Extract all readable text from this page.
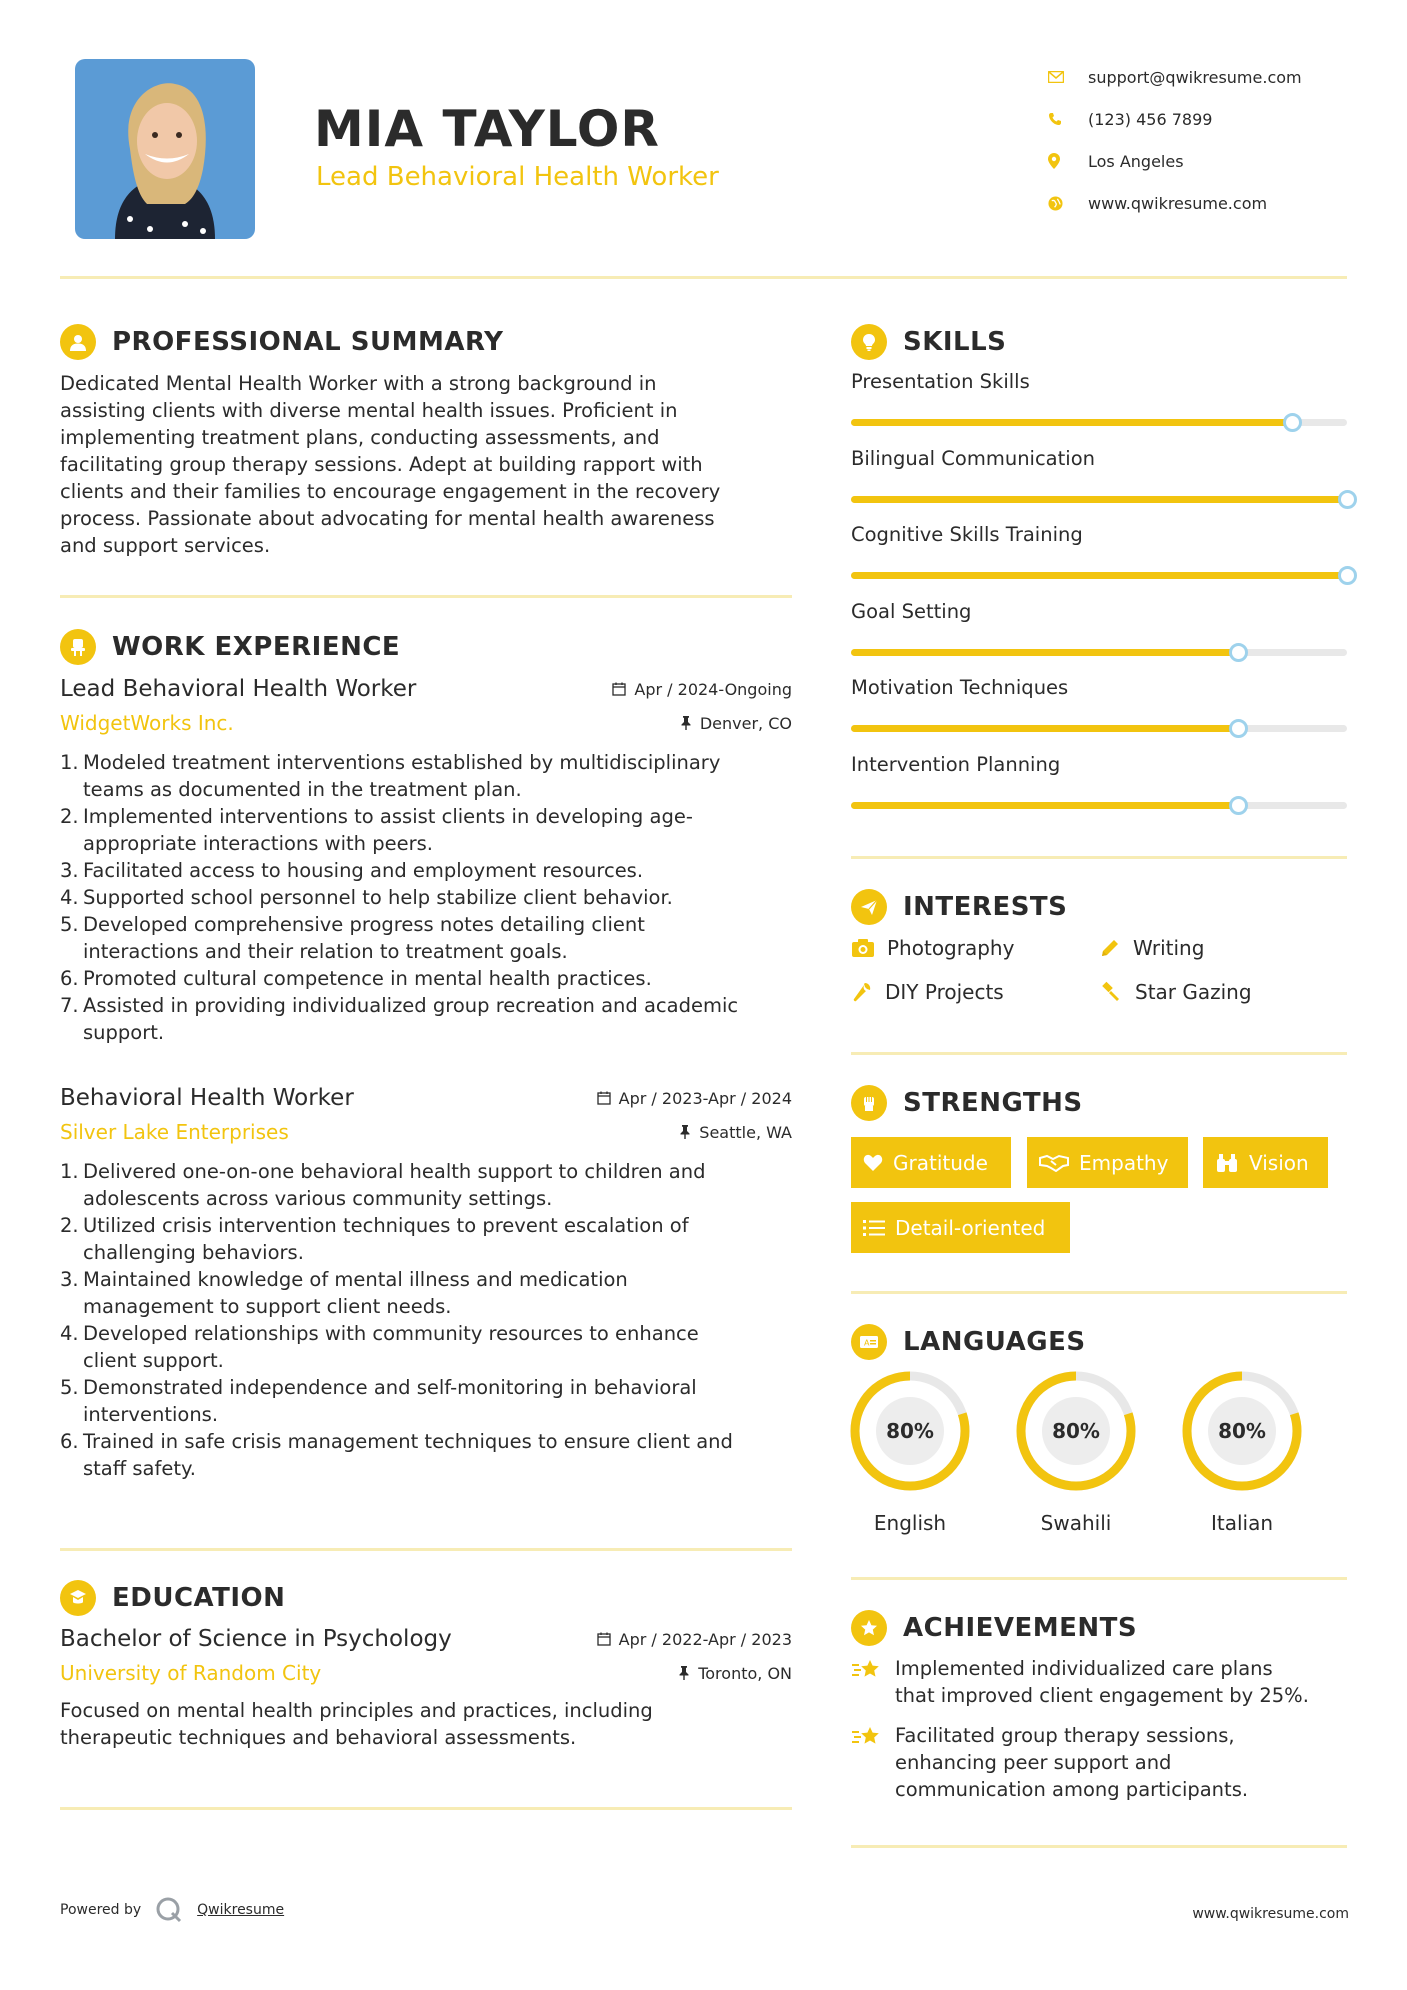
MIA TAYLOR
Lead Behavioral Health Worker
support@qwikresume.com
(123) 456 7899
Los Angeles
www.qwikresume.com
PROFESSIONAL SUMMARY
Dedicated Mental Health Worker with a strong background in
assisting clients with diverse mental health issues. Proficient in
implementing treatment plans, conducting assessments, and
facilitating group therapy sessions. Adept at building rapport with
clients and their families to encourage engagement in the recovery
process. Passionate about advocating for mental health awareness
and support services.
WORK EXPERIENCE
Lead Behavioral Health Worker	Apr / 2024-Ongoing
WidgetWorks Inc.	Denver, CO
1. Modeled treatment interventions established by multidisciplinary
teams as documented in the treatment plan.
2. Implemented interventions to assist clients in developing age-
appropriate interactions with peers.
3. Facilitated access to housing and employment resources.
4. Supported school personnel to help stabilize client behavior.
5. Developed comprehensive progress notes detailing client
interactions and their relation to treatment goals.
6. Promoted cultural competence in mental health practices.
7. Assisted in providing individualized group recreation and academic
support.
Behavioral Health Worker	Apr / 2023-Apr / 2024
Silver Lake Enterprises	Seattle, WA
1. Delivered one-on-one behavioral health support to children and
adolescents across various community settings.
2. Utilized crisis intervention techniques to prevent escalation of
challenging behaviors.
3. Maintained knowledge of mental illness and medication
management to support client needs.
4. Developed relationships with community resources to enhance
client support.
5. Demonstrated independence and self-monitoring in behavioral
interventions.
6. Trained in safe crisis management techniques to ensure client and
staff safety.
EDUCATION
Bachelor of Science in Psychology	Apr / 2022-Apr / 2023
University of Random City	Toronto, ON
Focused on mental health principles and practices, including
therapeutic techniques and behavioral assessments.
SKILLS
Presentation Skills
Bilingual Communication
Cognitive Skills Training
Goal Setting
Motivation Techniques
Intervention Planning
INTERESTS
Photography	Writing
DIY Projects	Star Gazing
STRENGTHS
Gratitude	Empathy	Vision
Detail-oriented
A LANGUAGES
80%
English
80%
Swahili
80%
Italian
ACHIEVEMENTS
Implemented individualized care plans
that improved client engagement by 25%.
Facilitated group therapy sessions,
enhancing peer support and
communication among participants.
Powered by	Qwikresume	www.qwikresume.com
